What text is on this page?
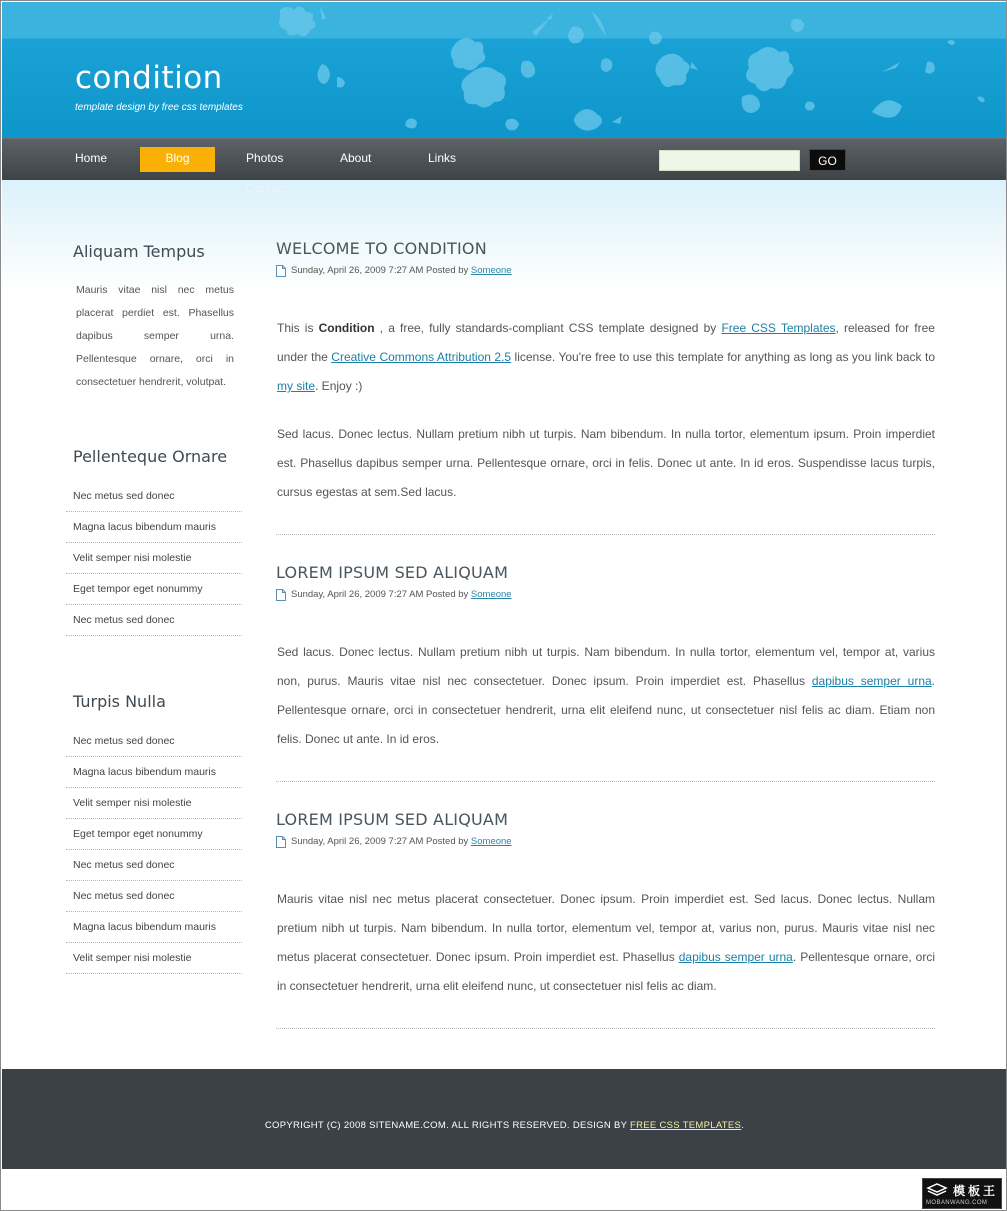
condition
template design by free css templates
Home	Blog	Photos	About	Links	GO
Contact
Aliquam Tempus
Mauris vitae nisl nec metus placerat perdiet est. Phasellus dapibus semper urna. Pellentesque ornare, orci in consectetuer hendrerit, volutpat.
Pellenteque Ornare
Nec metus sed donec
Magna lacus bibendum mauris
Velit semper nisi molestie
Eget tempor eget nonummy
Nec metus sed donec
Turpis Nulla
Nec metus sed donec
Magna lacus bibendum mauris
Velit semper nisi molestie
Eget tempor eget nonummy
Nec metus sed donec
Nec metus sed donec
Magna lacus bibendum mauris
Velit semper nisi molestie
WELCOME TO CONDITION
Sunday, April 26, 2009 7:27 AM Posted by Someone
This is Condition , a free, fully standards-compliant CSS template designed by Free CSS Templates, released for free under the Creative Commons Attribution 2.5 license. You're free to use this template for anything as long as you link back to my site. Enjoy :)
Sed lacus. Donec lectus. Nullam pretium nibh ut turpis. Nam bibendum. In nulla tortor, elementum ipsum. Proin imperdiet est. Phasellus dapibus semper urna. Pellentesque ornare, orci in felis. Donec ut ante. In id eros. Suspendisse lacus turpis, cursus egestas at sem.Sed lacus.
LOREM IPSUM SED ALIQUAM
Sunday, April 26, 2009 7:27 AM Posted by Someone
Sed lacus. Donec lectus. Nullam pretium nibh ut turpis. Nam bibendum. In nulla tortor, elementum vel, tempor at, varius non, purus. Mauris vitae nisl nec consectetuer. Donec ipsum. Proin imperdiet est. Phasellus dapibus semper urna. Pellentesque ornare, orci in consectetuer hendrerit, urna elit eleifend nunc, ut consectetuer nisl felis ac diam. Etiam non felis. Donec ut ante. In id eros.
LOREM IPSUM SED ALIQUAM
Sunday, April 26, 2009 7:27 AM Posted by Someone
Mauris vitae nisl nec metus placerat consectetuer. Donec ipsum. Proin imperdiet est. Sed lacus. Donec lectus. Nullam pretium nibh ut turpis. Nam bibendum. In nulla tortor, elementum vel, tempor at, varius non, purus. Mauris vitae nisl nec metus placerat consectetuer. Donec ipsum. Proin imperdiet est. Phasellus dapibus semper urna. Pellentesque ornare, orci in consectetuer hendrerit, urna elit eleifend nunc, ut consectetuer nisl felis ac diam.
COPYRIGHT (C) 2008 SITENAME.COM. ALL RIGHTS RESERVED. DESIGN BY FREE CSS TEMPLATES.
模板王
MOBANWANG.COM
